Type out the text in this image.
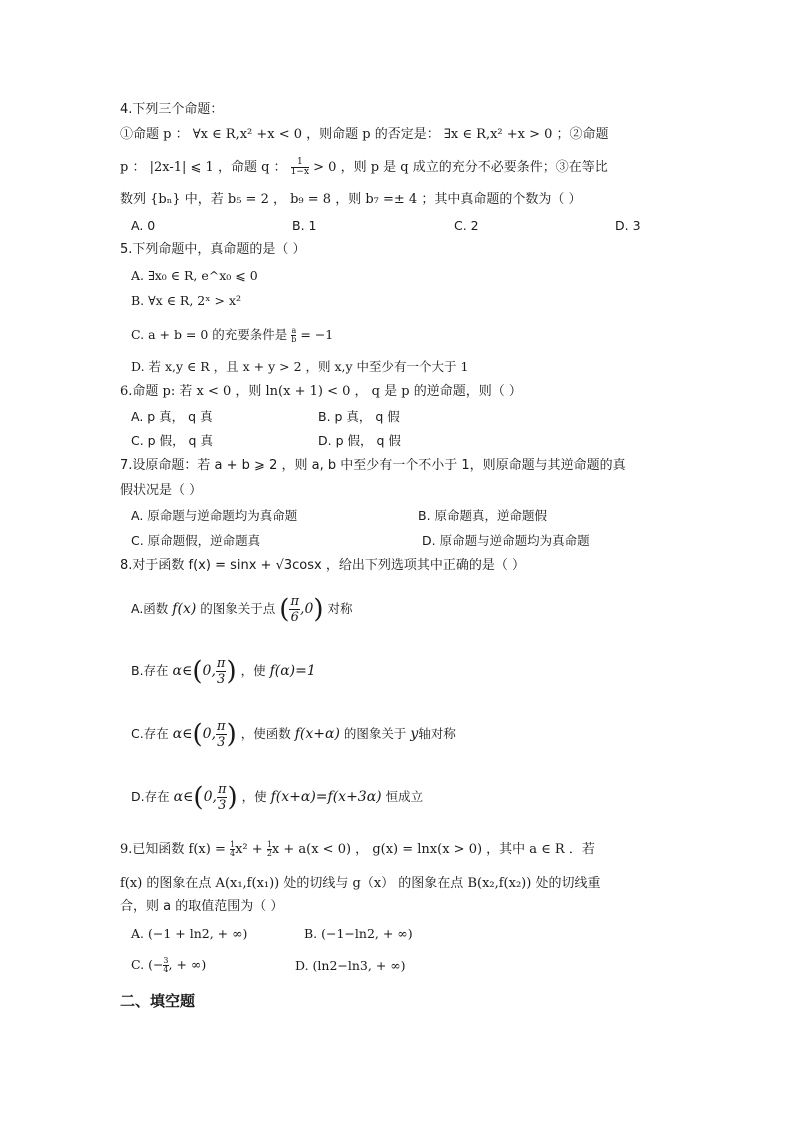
4.下列三个命题：
①命题 p ： ∀x ∈ R,x² +x < 0 ，则命题 p 的否定是： ∃x ∈ R,x² +x > 0 ；②命题
p ： |2x-1| ⩽ 1 ，命题 q ： $\frac{1}{1-x} > 0$ ，则 p 是 q 成立的充分不必要条件；③在等比
数列 {bₙ} 中，若 b₅ = 2 ， b₉ = 8 ，则 b₇ =± 4 ；其中真命题的个数为（ ）
A. 0	B. 1	C. 2	D. 3
5.下列命题中，真命题的是（ ）
A. ∃x₀ ∈ R, e^x₀ ⩽ 0
B. ∀x ∈ R, 2ˣ > x²
C. a + b = 0 的充要条件是 $\frac{a}{b} = -1$
D. 若 x,y ∈ R ，且 x + y > 2 ，则 x,y 中至少有一个大于 1
6.命题 p: 若 x < 0 ，则 ln(x + 1) < 0 ， q 是 p 的逆命题，则（ ）
A. p 真， q 真	B. p 真， q 假
C. p 假， q 真	D. p 假， q 假
7.设原命题：若 a + b ⩾ 2 ，则 a, b 中至少有一个不小于 1，则原命题与其逆命题的真
假状况是（ ）
A. 原命题与逆命题均为真命题	B. 原命题真，逆命题假
C. 原命题假，逆命题真	D. 原命题与逆命题均为真命题
8.对于函数 f(x) = sinx + √3cosx ，给出下列选项其中正确的是（ ）
A.函数 f(x) 的图象关于点 ( $\frac{\pi}{6} ,0$) 对称
B.存在 α∈(0, $\frac{\pi}{3}$ ) ，使 f(α)=1
C.存在 α∈(0, $\frac{\pi}{3}$ ) ，使函数 f(x+α) 的图象关于 y轴对称
D.存在 α∈(0, $\frac{\pi}{3}$ ) ，使 f(x+α)=f(x+3α) 恒成立
9.已知函数 $f(x) = \frac{1}{4}x^2 + \frac{1}{2}x + a(x < 0)$ ， g(x) = lnx(x > 0) ，其中 a ∈ R ．若
f(x) 的图象在点 A(x₁,f(x₁)) 处的切线与 g（x） 的图象在点 B(x₂,f(x₂)) 处的切线重
合，则 a 的取值范围为（ ）
A. (−1 + ln2, + ∞)	B. (−1−ln2, + ∞)
C. (− $\frac{3}{4}$, + ∞)	D. (ln2−ln3, + ∞)
二、填空题
